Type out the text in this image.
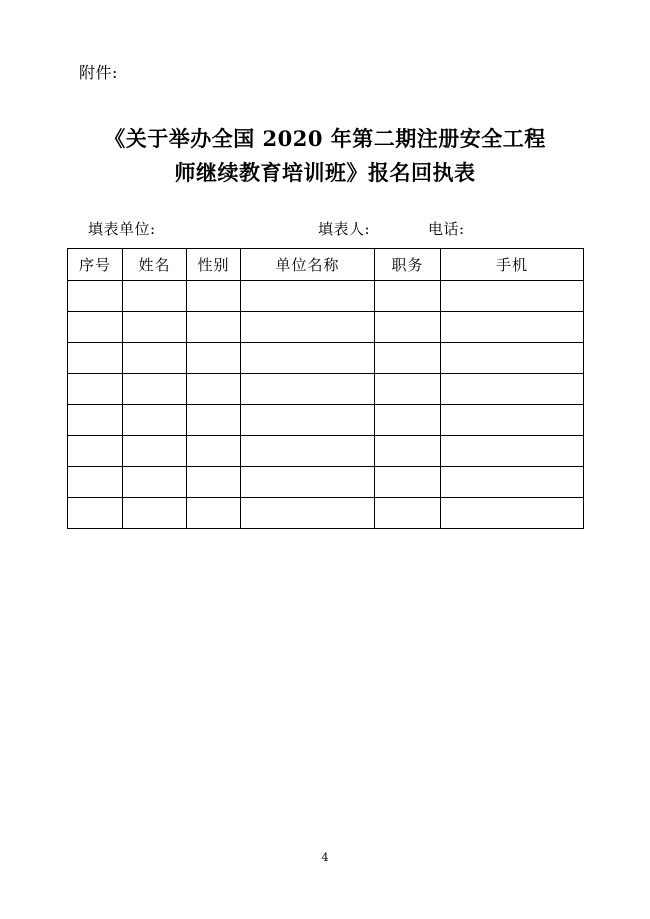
附件:
《关于举办全国 2020 年第二期注册安全工程
师继续教育培训班》报名回执表
填表单位:	填表人:	电话:
序号	姓名	性别	单位名称	职务	手机

4
